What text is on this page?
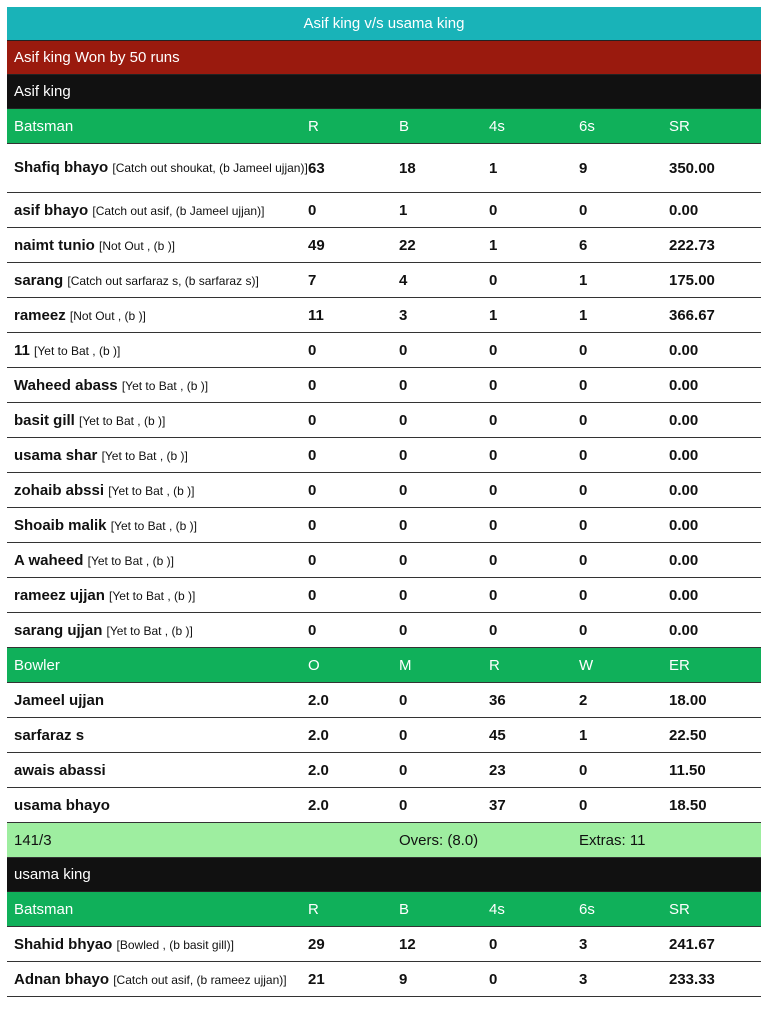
Asif king v/s usama king
Asif king Won by 50 runs
Asif king
Batsman	R	B	4s	6s	SR
Shafiq bhayo [Catch out shoukat, (b Jameel ujjan)] 63	18	1	9	350.00
asif bhayo [Catch out asif, (b Jameel ujjan)]	0	1	0	0	0.00
naimt tunio [Not Out , (b )]	49	22	1	6	222.73
sarang [Catch out sarfaraz s, (b sarfaraz s)]	7	4	0	1	175.00
rameez [Not Out , (b )]	11	3	1	1	366.67
11 [Yet to Bat , (b )]	0	0	0	0	0.00
Waheed abass [Yet to Bat , (b )]	0	0	0	0	0.00
basit gill [Yet to Bat , (b )]	0	0	0	0	0.00
usama shar [Yet to Bat , (b )]	0	0	0	0	0.00
zohaib abssi [Yet to Bat , (b )]	0	0	0	0	0.00
Shoaib malik [Yet to Bat , (b )]	0	0	0	0	0.00
A waheed [Yet to Bat , (b )]	0	0	0	0	0.00
rameez ujjan [Yet to Bat , (b )]	0	0	0	0	0.00
sarang ujjan [Yet to Bat , (b )]	0	0	0	0	0.00
Bowler	O	M	R	W	ER
Jameel ujjan	2.0	0	36	2	18.00
sarfaraz s	2.0	0	45	1	22.50
awais abassi	2.0	0	23	0	11.50
usama bhayo	2.0	0	37	0	18.50
141/3	Overs: (8.0)	Extras: 11
usama king
Batsman	R	B	4s	6s	SR
Shahid bhyao [Bowled , (b basit gill)]	29	12	0	3	241.67
Adnan bhayo [Catch out asif, (b rameez ujjan)]	21	9	0	3	233.33
